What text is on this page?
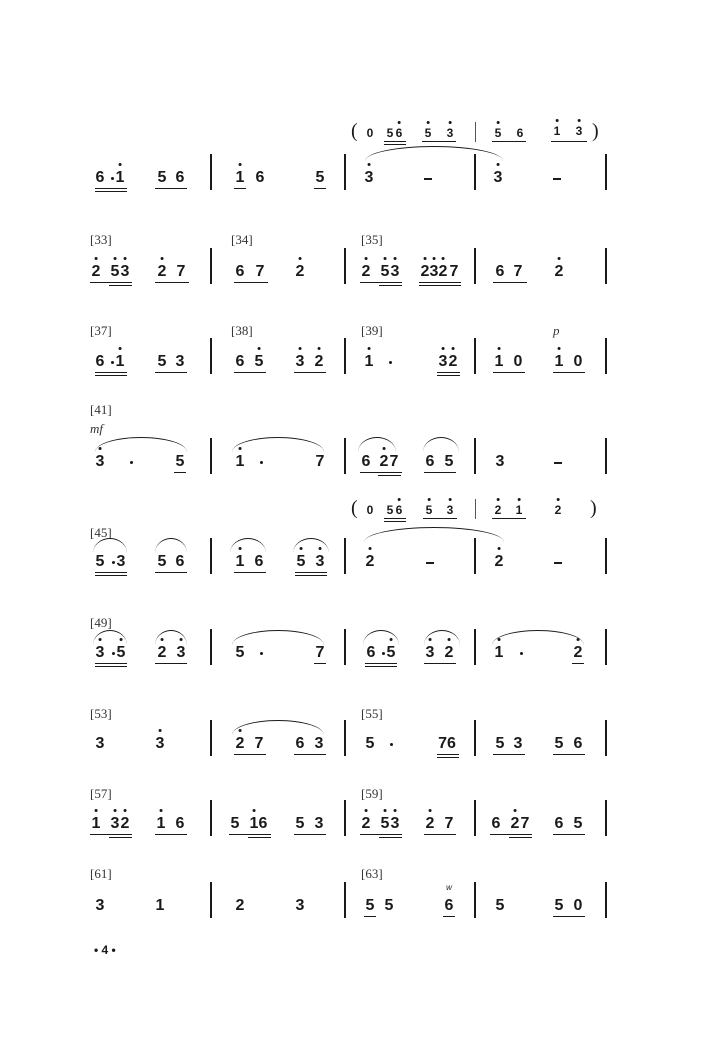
[33]	[34]	[35]
[37]	[38]	[39]
[41]
[45]
[49]
[53]	[55]
[57]	[59]
[61]	[63]
p
mf
(	)
(	)
• 4 •
0 5 6 5 3	5 6	1 3
6 1 5 6	1 6	5	3	3
2 5 3 2 7	6 7 2	2 5 3 2 3 2 7 6 7 2
6 1 5 3	6 5 3 2	1	3 2 1 0 1 0
3	5	1	7 6 2 7 6 5	3
0 5 6 5 3	2 1	2
5 3 5 6	1 6 5 3	2	2
3 5 2 3	5	7	6 5 3 2	1	2
3	3	2 7 6 3	5	76 5 3 5 6
1 3 2 1 6	5 1 6 5 3 2 5 3 2 7 6 2 7 6 5
3	1	2	3	5 5	6
w
5	5 0
